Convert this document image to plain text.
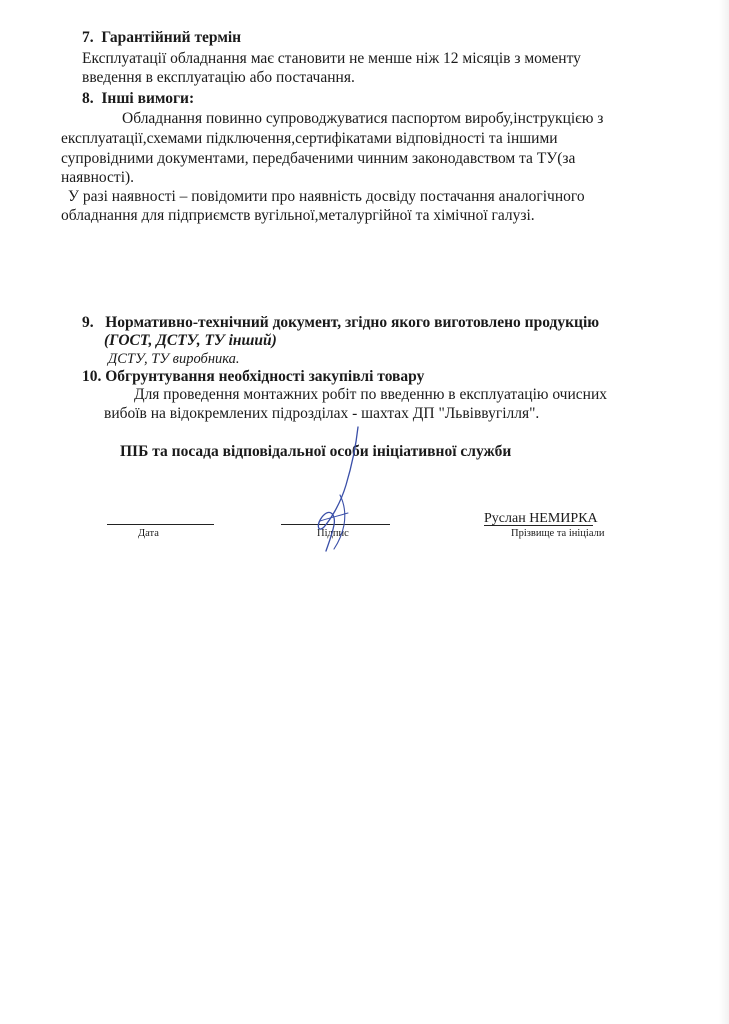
7. Гарантійний термін
Експлуатації обладнання має становити не менше ніж 12 місяців з моменту
введення в експлуатацію або постачання.
8. Інші вимоги:
Обладнання повинно супроводжуватися паспортом виробу,інструкцією з
експлуатації,схемами підключення,сертифікатами відповідності та іншими
супровідними документами, передбаченими чинним законодавством та ТУ(за
наявності).
У разі наявності – повідомити про наявність досвіду постачання аналогічного
обладнання для підприємств вугільної,металургійної та хімічної галузі.
9. Нормативно-технічний документ, згідно якого виготовлено продукцію
(ГОСТ, ДСТУ, ТУ інший)
ДСТУ, ТУ виробника.
10. Обгрунтування необхідності закупівлі товару
Для проведення монтажних робіт по введенню в експлуатацію очисних
вибоїв на відокремлених підрозділах - шахтах ДП "Львіввугілля".
ПІБ та посада відповідальної особи ініціативної служби
Руслан НЕМИРКА
Дата	Підпис	Прізвище та ініціали
